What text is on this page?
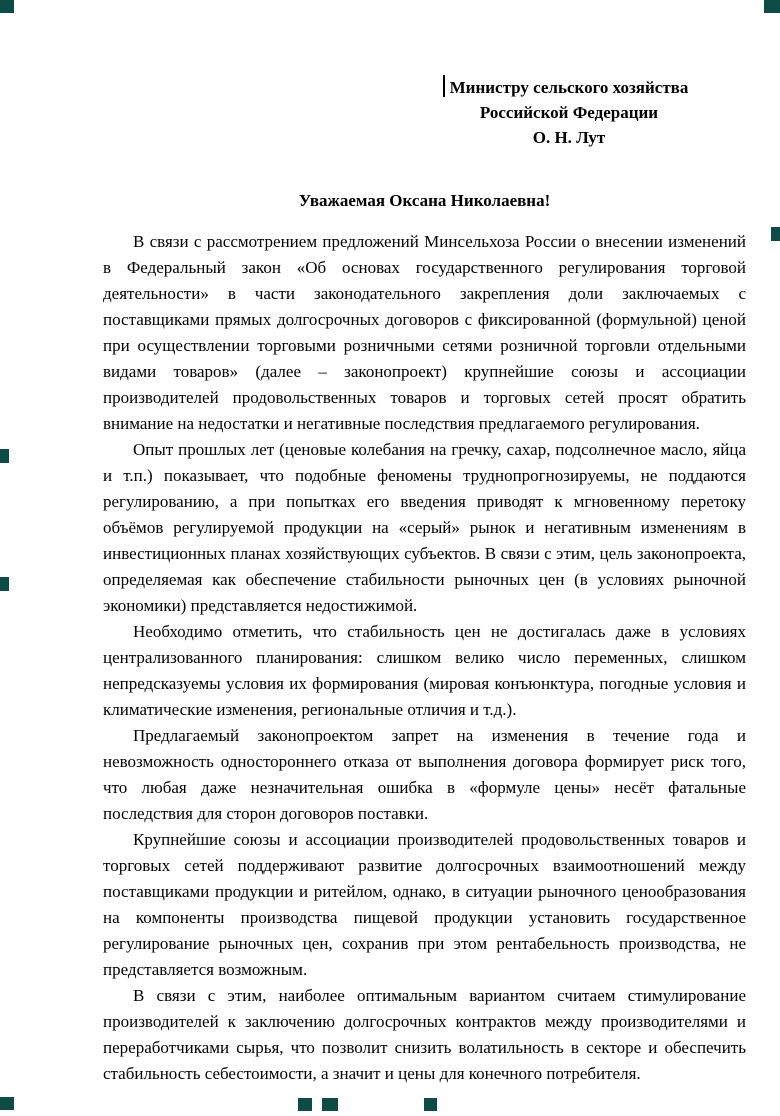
Министру сельского хозяйства
Российской Федерации
О. Н. Лут
Уважаемая Оксана Николаевна!

В связи с рассмотрением предложений Минсельхоза России о внесении изменений в Федеральный закон «Об основах государственного регулирования торговой деятельности» в части законодательного закрепления доли заключаемых с поставщиками прямых долгосрочных договоров с фиксированной (формульной) ценой при осуществлении торговыми розничными сетями розничной торговли отдельными видами товаров» (далее – законопроект) крупнейшие союзы и ассоциации производителей продовольственных товаров и торговых сетей просят обратить внимание на недостатки и негативные последствия предлагаемого регулирования.

Опыт прошлых лет (ценовые колебания на гречку, сахар, подсолнечное масло, яйца и т.п.) показывает, что подобные феномены труднопрогнозируемы, не поддаются регулированию, а при попытках его введения приводят к мгновенному перетоку объёмов регулируемой продукции на «серый» рынок и негативным изменениям в инвестиционных планах хозяйствующих субъектов. В связи с этим, цель законопроекта, определяемая как обеспечение стабильности рыночных цен (в условиях рыночной экономики) представляется недостижимой.

Необходимо отметить, что стабильность цен не достигалась даже в условиях централизованного планирования: слишком велико число переменных, слишком непредсказуемы условия их формирования (мировая конъюнктура, погодные условия и климатические изменения, региональные отличия и т.д.).

Предлагаемый законопроектом запрет на изменения в течение года и невозможность одностороннего отказа от выполнения договора формирует риск того, что любая даже незначительная ошибка в «формуле цены» несёт фатальные последствия для сторон договоров поставки.

Крупнейшие союзы и ассоциации производителей продовольственных товаров и торговых сетей поддерживают развитие долгосрочных взаимоотношений между поставщиками продукции и ритейлом, однако, в ситуации рыночного ценообразования на компоненты производства пищевой продукции установить государственное регулирование рыночных цен, сохранив при этом рентабельность производства, не представляется возможным.

В связи с этим, наиболее оптимальным вариантом считаем стимулирование производителей к заключению долгосрочных контрактов между производителями и переработчиками сырья, что позволит снизить волатильность в секторе и обеспечить стабильность себестоимости, а значит и цены для конечного потребителя.
